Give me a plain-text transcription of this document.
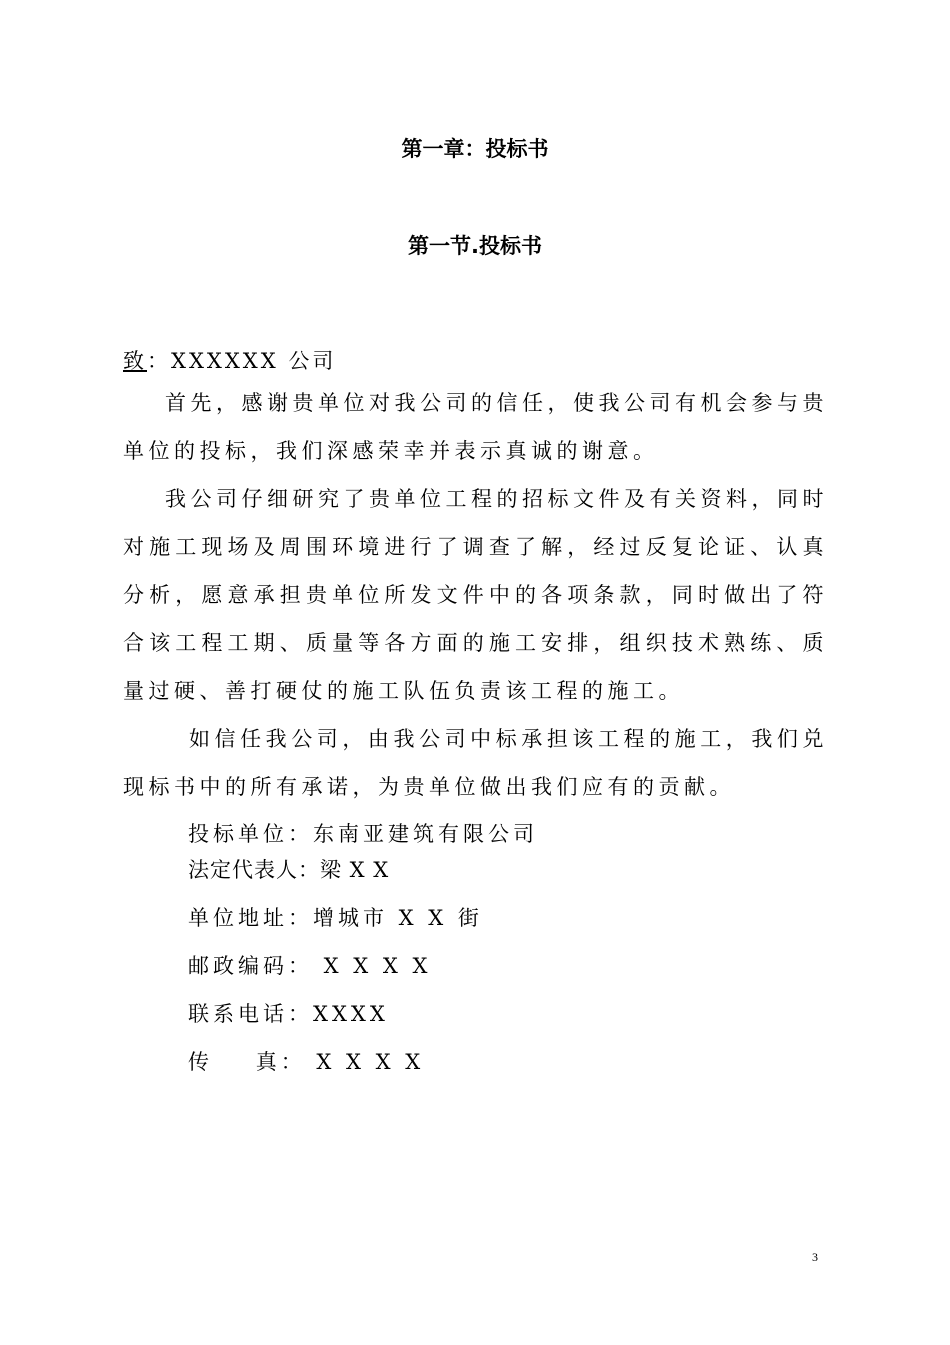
第一章：投标书
第一节.投标书
致：XXXXXX 公司
首先，感谢贵单位对我公司的信任，使我公司有机会参与贵单位的投标，我们深感荣幸并表示真诚的谢意。
我公司仔细研究了贵单位工程的招标文件及有关资料，同时对施工现场及周围环境进行了调查了解，经过反复论证、认真分析，愿意承担贵单位所发文件中的各项条款，同时做出了符合该工程工期、质量等各方面的施工安排，组织技术熟练、质量过硬、善打硬仗的施工队伍负责该工程的施工。
如信任我公司，由我公司中标承担该工程的施工，我们兑现标书中的所有承诺，为贵单位做出我们应有的贡献。
投标单位：东南亚建筑有限公司
法定代表人：梁 X X
单位地址：增城市 X X 街
邮政编码： X X X X
联系电话：XXXX
传    真： X X X X
3
